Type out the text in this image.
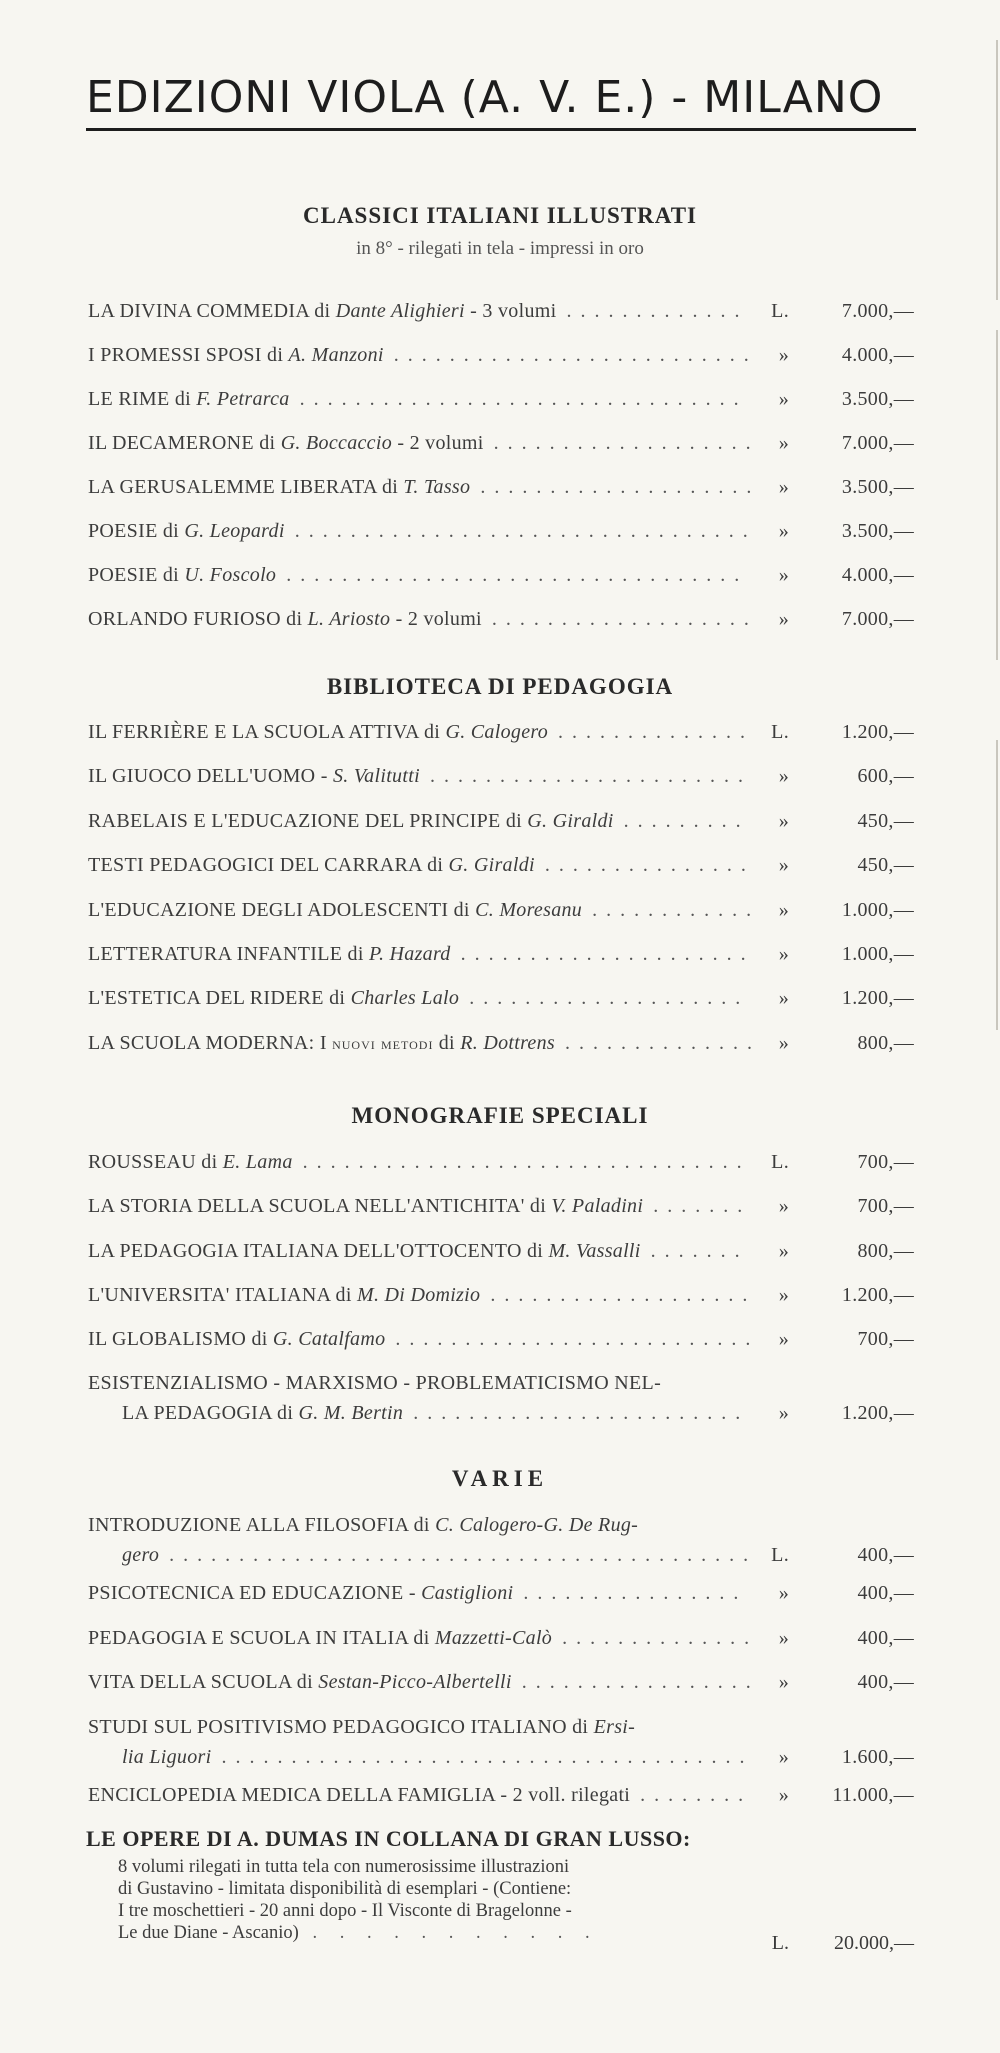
EDIZIONI VIOLA (A. V. E.) - MILANO
CLASSICI ITALIANI ILLUSTRATI
in 8° - rilegati in tela - impressi in oro
LA DIVINA COMMEDIA di Dante Alighieri - 3 volumi	L.	7.000,—
.............
I PROMESSI SPOSI di A. Manzoni	»	4.000,—
..........................
LE RIME di F. Petrarca	»	3.500,—
................................
IL DECAMERONE di G. Boccaccio - 2 volumi	»	7.000,—
...................
LA GERUSALEMME LIBERATA di T. Tasso	»	3.500,—
....................
POESIE di G. Leopardi	»	3.500,—
.................................
POESIE di U. Foscolo	»	4.000,—
.................................
ORLANDO FURIOSO di L. Ariosto - 2 volumi	»	7.000,—
...................
BIBLIOTECA DI PEDAGOGIA
IL FERRIÈRE E LA SCUOLA ATTIVA di G. Calogero	L.	1.200,—
..............
IL GIUOCO DELL'UOMO - S. Valitutti	»	600,—
.......................
RABELAIS E L'EDUCAZIONE DEL PRINCIPE di G. Giraldi	»	450,—
.........
TESTI PEDAGOGICI DEL CARRARA di G. Giraldi	»	450,—
...............
L'EDUCAZIONE DEGLI ADOLESCENTI di C. Moresanu	»	1.000,—
............
LETTERATURA INFANTILE di P. Hazard	»	1.000,—
.....................
L'ESTETICA DEL RIDERE di Charles Lalo	»	1.200,—
....................
LA SCUOLA MODERNA: I nuovi metodi di R. Dottrens	»	800,—
..............
MONOGRAFIE SPECIALI
ROUSSEAU di E. Lama	L.	700,—
................................
LA STORIA DELLA SCUOLA NELL'ANTICHITA' di V. Paladini	»	700,—
.......
LA PEDAGOGIA ITALIANA DELL'OTTOCENTO di M. Vassalli	»	800,—
.......
L'UNIVERSITA' ITALIANA di M. Di Domizio	»	1.200,—
...................
IL GLOBALISMO di G. Catalfamo	»	700,—
..........................
ESISTENZIALISMO - MARXISMO - PROBLEMATICISMO NEL-
LA PEDAGOGIA di G. M. Bertin	»	1.200,—
........................
VARIE
INTRODUZIONE ALLA FILOSOFIA di C. Calogero-G. De Rug-
gero	L.	400,—
..........................................
PSICOTECNICA ED EDUCAZIONE - Castiglioni	»	400,—
................
PEDAGOGIA E SCUOLA IN ITALIA di Mazzetti-Calò	»	400,—
..............
VITA DELLA SCUOLA di Sestan-Picco-Albertelli	»	400,—
.................
STUDI SUL POSITIVISMO PEDAGOGICO ITALIANO di Ersi-
lia Liguori	»	1.600,—
......................................
ENCICLOPEDIA MEDICA DELLA FAMIGLIA - 2 voll. rilegati	» 11.000,—
........
LE OPERE DI A. DUMAS IN COLLANA DI GRAN LUSSO:
8 volumi rilegati in tutta tela con numerosissime illustrazioni
di Gustavino - limitata disponibilità di esemplari - (Contiene:
I tre moschettieri - 20 anni dopo - Il Visconte di Bragelonne -
Le due Diane - Ascanio) . . . . . . . . . . .	L. 20.000,—
